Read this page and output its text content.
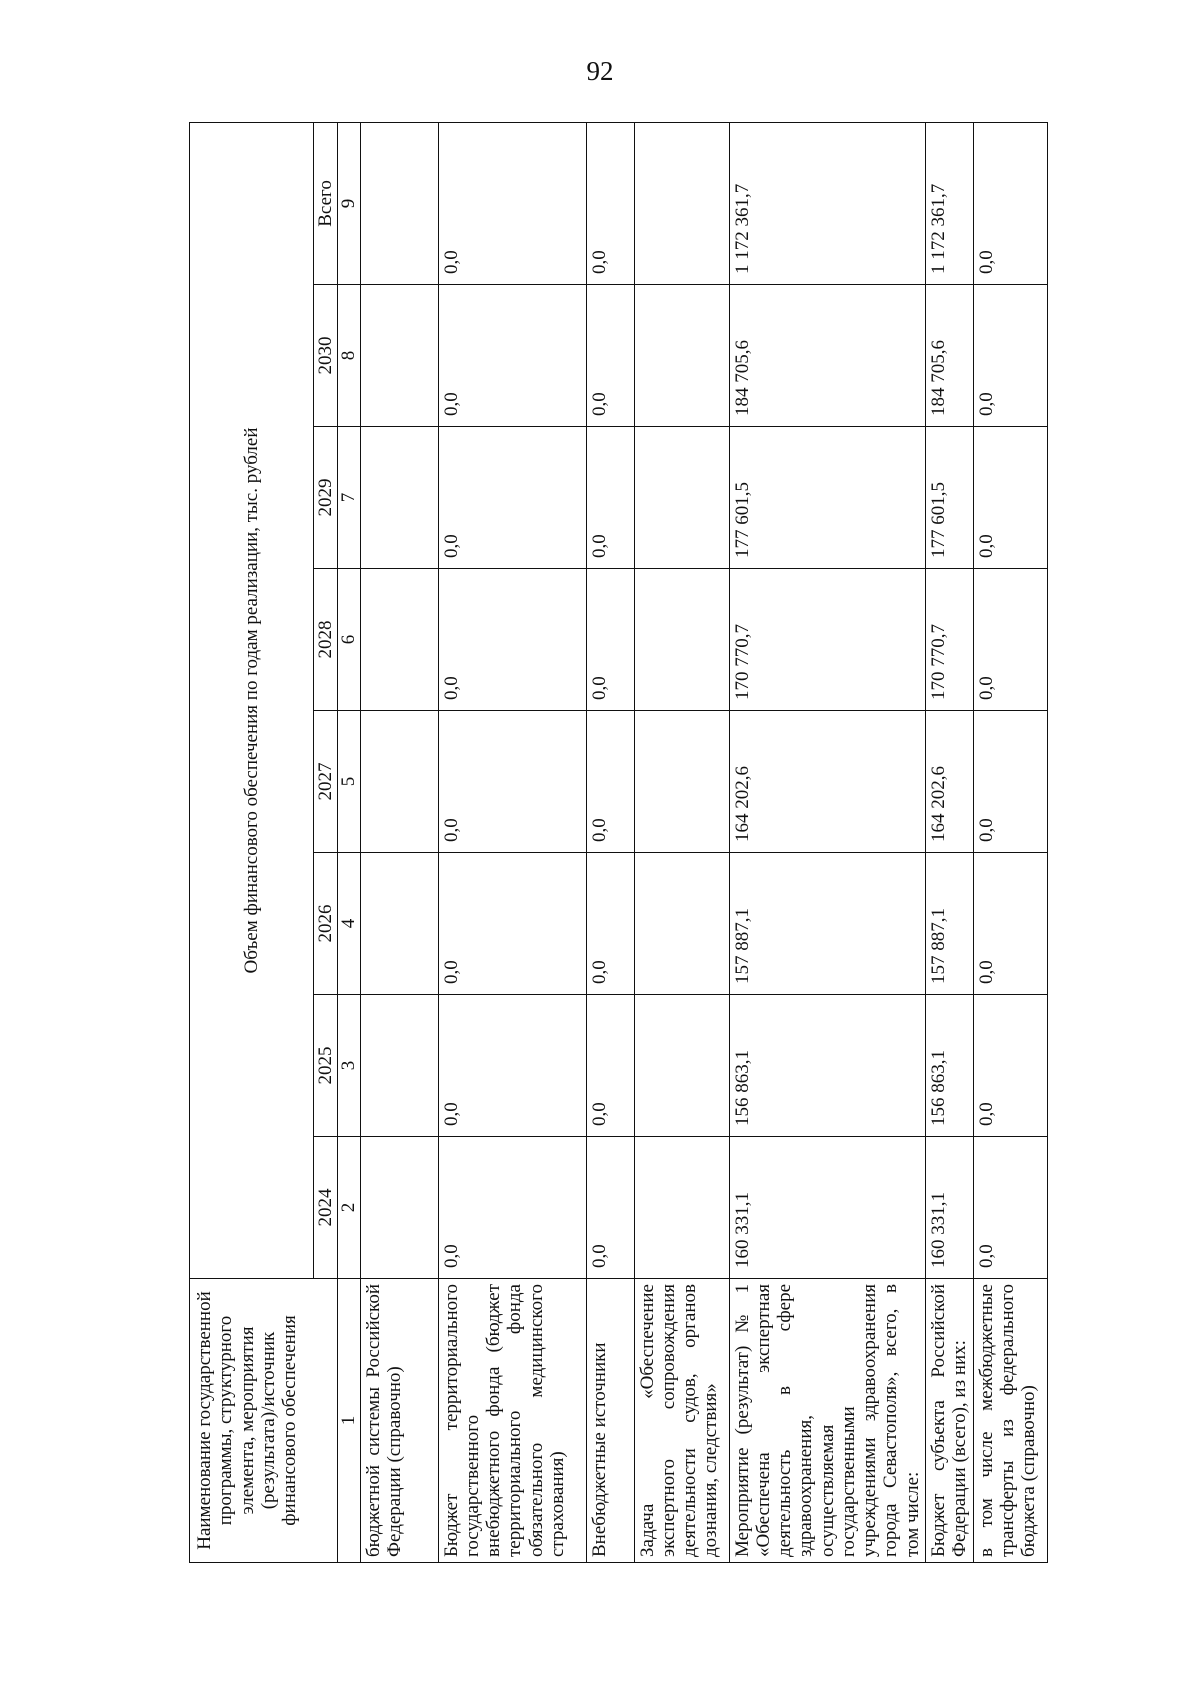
92
Наименование государственной программы, структурного элемента, мероприятия (результата)/источник финансового обеспечения	Объем финансового обеспечения по годам реализации, тыс. рублей							
	2024	2025	2026	2027	2028	2029	2030	Всего
1	2	3	4	5	6	7	8	9
бюджетной системы Российской Федерации (справочно)								
Бюджет территориального государственного внебюджетного фонда (бюджет территориального фонда обязательного медицинского страхования)	0,0	0,0	0,0	0,0	0,0	0,0	0,0	0,0
Внебюджетные источники	0,0	0,0	0,0	0,0	0,0	0,0	0,0	0,0
Задача «Обеспечение экспертного сопровождения деятельности судов, органов дознания, следствия»								
Мероприятие (результат) № 1 «Обеспечена экспертная деятельность в сфере здравоохранения, осуществляемая государственными учреждениями здравоохранения города Севастополя», всего, в том числе:	160 331,1	156 863,1	157 887,1	164 202,6	170 770,7	177 601,5	184 705,6	1 172 361,7
Бюджет субъекта Российской Федерации (всего), из них:	160 331,1	156 863,1	157 887,1	164 202,6	170 770,7	177 601,5	184 705,6	1 172 361,7
в том числе межбюджетные трансферты из федерального бюджета (справочно)	0,0	0,0	0,0	0,0	0,0	0,0	0,0	0,0
